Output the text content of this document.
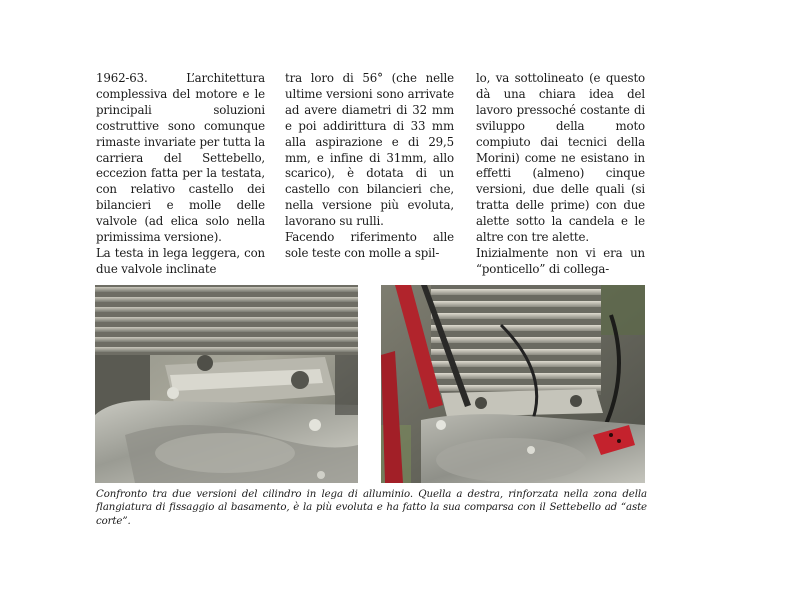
1962-63. L’architettura complessiva del motore e le principali soluzioni costruttive sono comunque rimaste invariate per tutta la carriera del Settebello, eccezion fatta per la testata, con relativo castello dei bilancieri e molle delle valvole (ad elica solo nella primissima versione).

La testa in lega leggera, con due valvole inclinate

tra loro di 56° (che nelle ultime versioni sono arrivate ad avere diametri di 32 mm e poi addirittura di 33 mm alla aspirazione e di 29,5 mm, e infine di 31mm, allo scarico), è dotata di un castello con bilancieri che, nella versione più evoluta, lavorano su rulli.

Facendo riferimento alle sole teste con molle a spil-

lo, va sottolineato (e questo dà una chiara idea del lavoro pressoché costante di sviluppo della moto compiuto dai tecnici della Morini) come ne esistano in effetti (almeno) cinque versioni, due delle quali (si tratta delle prime) con due alette sotto la candela e le altre con tre alette.

Inizialmente non vi era un “ponticello” di collega-

Confronto tra due versioni del cilindro in lega di alluminio. Quella a destra, rinforzata nella zona della flangiatura di fissaggio al basamento, è la più evoluta e ha fatto la sua comparsa con il Settebello ad “aste corte”.
